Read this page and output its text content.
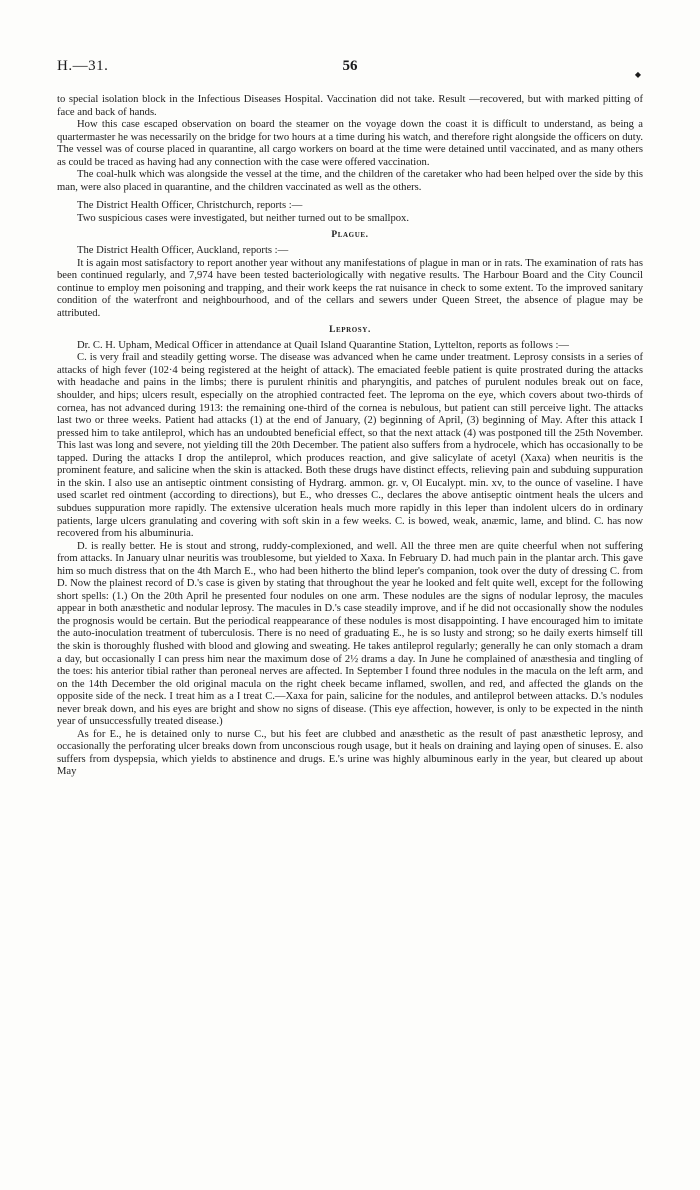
H.—31.	56
◆

to special isolation block in the Infectious Diseases Hospital. Vaccination did not take. Result —recovered, but with marked pitting of face and back of hands.

How this case escaped observation on board the steamer on the voyage down the coast it is difficult to understand, as being a quartermaster he was necessarily on the bridge for two hours at a time during his watch, and therefore right alongside the officers on duty. The vessel was of course placed in quarantine, all cargo workers on board at the time were detained until vaccinated, and as many others as could be traced as having had any connection with the case were offered vaccination.

The coal-hulk which was alongside the vessel at the time, and the children of the caretaker who had been helped over the side by this man, were also placed in quarantine, and the children vaccinated as well as the others.

The District Health Officer, Christchurch, reports :—

Two suspicious cases were investigated, but neither turned out to be smallpox.

Plague.

The District Health Officer, Auckland, reports :—

It is again most satisfactory to report another year without any manifestations of plague in man or in rats. The examination of rats has been continued regularly, and 7,974 have been tested bacteriologically with negative results. The Harbour Board and the City Council continue to employ men poisoning and trapping, and their work keeps the rat nuisance in check to some extent. To the improved sanitary condition of the waterfront and neighbourhood, and of the cellars and sewers under Queen Street, the absence of plague may be attributed.

Leprosy.

Dr. C. H. Upham, Medical Officer in attendance at Quail Island Quarantine Station, Lyttelton, reports as follows :—

C. is very frail and steadily getting worse. The disease was advanced when he came under treatment. Leprosy consists in a series of attacks of high fever (102·4 being registered at the height of attack). The emaciated feeble patient is quite prostrated during the attacks with headache and pains in the limbs; there is purulent rhinitis and pharyngitis, and patches of purulent nodules break out on face, shoulder, and hips; ulcers result, especially on the atrophied contracted feet. The leproma on the eye, which covers about two-thirds of cornea, has not advanced during 1913: the remaining one-third of the cornea is nebulous, but patient can still perceive light. The attacks last two or three weeks. Patient had attacks (1) at the end of January, (2) beginning of April, (3) beginning of May. After this attack I pressed him to take antileprol, which has an undoubted beneficial effect, so that the next attack (4) was postponed till the 25th November. This last was long and severe, not yielding till the 20th December. The patient also suffers from a hydrocele, which has occasionally to be tapped. During the attacks I drop the antileprol, which produces reaction, and give salicylate of acetyl (Xaxa) when neuritis is the prominent feature, and salicine when the skin is attacked. Both these drugs have distinct effects, relieving pain and subduing suppuration in the skin. I also use an antiseptic ointment consisting of Hydrarg. ammon. gr. v, Ol Eucalypt. min. xv, to the ounce of vaseline. I have used scarlet red ointment (according to directions), but E., who dresses C., declares the above antiseptic ointment heals the ulcers and subdues suppuration more rapidly. The extensive ulceration heals much more rapidly in this leper than indolent ulcers do in ordinary patients, large ulcers granulating and covering with soft skin in a few weeks. C. is bowed, weak, anæmic, lame, and blind. C. has now recovered from his albuminuria.

D. is really better. He is stout and strong, ruddy-complexioned, and well. All the three men are quite cheerful when not suffering from attacks. In January ulnar neuritis was troublesome, but yielded to Xaxa. In February D. had much pain in the plantar arch. This gave him so much distress that on the 4th March E., who had been hitherto the blind leper's companion, took over the duty of dressing C. from D. Now the plainest record of D.'s case is given by stating that throughout the year he looked and felt quite well, except for the following short spells: (1.) On the 20th April he presented four nodules on one arm. These nodules are the signs of nodular leprosy, the macules appear in both anæsthetic and nodular leprosy. The macules in D.'s case steadily improve, and if he did not occasionally show the nodules the prognosis would be certain. But the periodical reappearance of these nodules is most disappointing. I have encouraged him to imitate the auto-inoculation treatment of tuberculosis. There is no need of graduating E., he is so lusty and strong; so he daily exerts himself till the skin is thoroughly flushed with blood and glowing and sweating. He takes antileprol regularly; generally he can only stomach a dram a day, but occasionally I can press him near the maximum dose of 2½ drams a day. In June he complained of anæsthesia and tingling of the toes: his anterior tibial rather than peroneal nerves are affected. In September I found three nodules in the macula on the left arm, and on the 14th December the old original macula on the right cheek became inflamed, swollen, and red, and affected the glands on the opposite side of the neck. I treat him as a I treat C.—Xaxa for pain, salicine for the nodules, and antileprol between attacks. D.'s nodules never break down, and his eyes are bright and show no signs of disease. (This eye affection, however, is only to be expected in the ninth year of unsuccessfully treated disease.)

As for E., he is detained only to nurse C., but his feet are clubbed and anæsthetic as the result of past anæsthetic leprosy, and occasionally the perforating ulcer breaks down from unconscious rough usage, but it heals on draining and laying open of sinuses. E. also suffers from dyspepsia, which yields to abstinence and drugs. E.'s urine was highly albuminous early in the year, but cleared up about May
